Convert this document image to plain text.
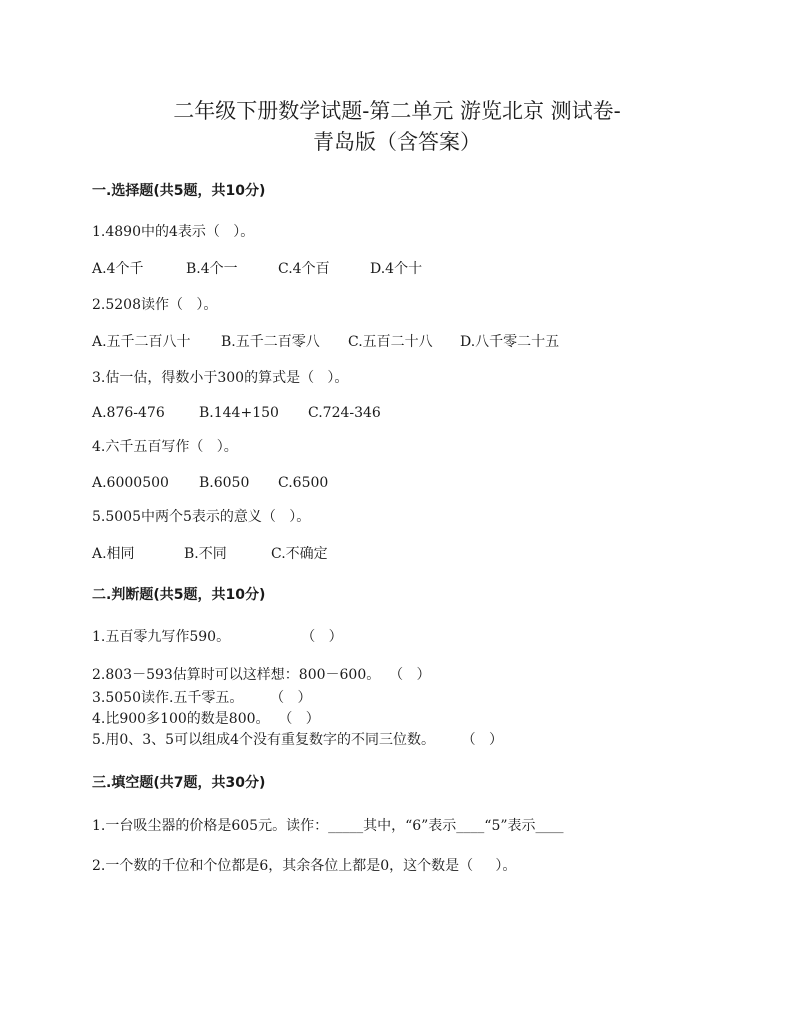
二年级下册数学试题-第二单元 游览北京 测试卷-
青岛版（含答案）
一.选择题(共5题，共10分)
1.4890中的4表示（   ）。
A.4个千	B.4个一	C.4个百	D.4个十
2.5208读作（   ）。
A.五千二百八十 B.五千二百零八 C.五百二十八 D.八千零二十五
3.估一估，得数小于300的算式是（   ）。
A.876-476 B.144+150 C.724-346
4.六千五百写作（   ）。
A.6000500 B.6050 C.6500
5.5005中两个5表示的意义（   ）。
A.相同	B.不同	C.不确定
二.判断题(共5题，共10分)
1.五百零九写作590。                （   ）
2.803－593估算时可以这样想：800－600。  （   ）
3.5050读作.五千零五。      （   ）
4.比900多100的数是800。  （   ）
5.用0、3、5可以组成4个没有重复数字的不同三位数。      （   ）
三.填空题(共7题，共30分)
1.一台吸尘器的价格是605元。读作：_____其中，“6”表示____“5”表示____
2.一个数的千位和个位都是6，其余各位上都是0，这个数是（     ）。
